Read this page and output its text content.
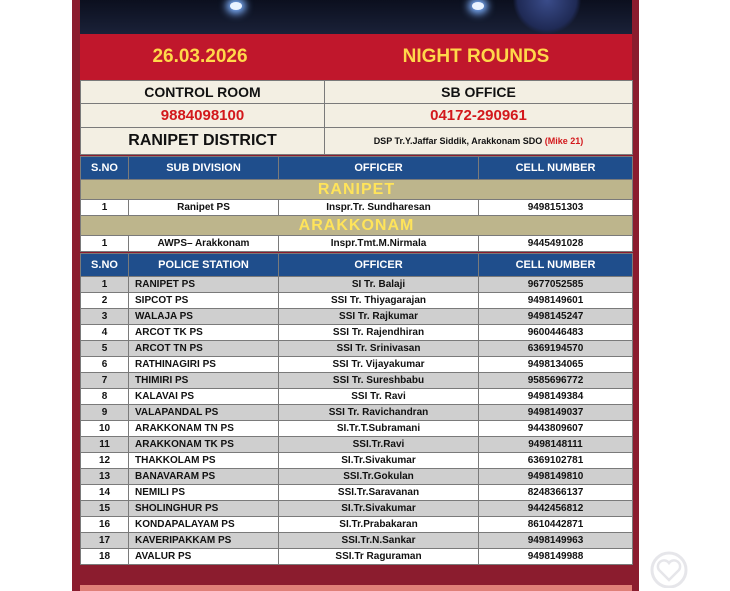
26.03.2026	NIGHT ROUNDS
CONTROL ROOM	SB OFFICE
9884098100	04172-290961
RANIPET DISTRICT	DSP Tr.Y.Jaffar Siddik, Arakkonam SDO (Mike 21)
S.NO	SUB DIVISION	OFFICER	CELL NUMBER
RANIPET			
1	Ranipet PS	Inspr.Tr. Sundharesan	9498151303
ARAKKONAM			
1	AWPS– Arakkonam	Inspr.Tmt.M.Nirmala	9445491028
S.NO	POLICE STATION	OFFICER	CELL NUMBER
1	RANIPET PS	SI Tr. Balaji	9677052585
2	SIPCOT PS	SSI Tr. Thiyagarajan	9498149601
3	WALAJA PS	SSI Tr. Rajkumar	9498145247
4	ARCOT TK PS	SSI Tr. Rajendhiran	9600446483
5	ARCOT TN PS	SSI Tr. Srinivasan	6369194570
6	RATHINAGIRI PS	SSI Tr. Vijayakumar	9498134065
7	THIMIRI PS	SSI Tr. Sureshbabu	9585696772
8	KALAVAI PS	SSI Tr. Ravi	9498149384
9	VALAPANDAL PS	SSI Tr. Ravichandran	9498149037
10	ARAKKONAM TN PS	SI.Tr.T.Subramani	9443809607
11	ARAKKONAM TK PS	SSI.Tr.Ravi	9498148111
12	THAKKOLAM PS	SI.Tr.Sivakumar	6369102781
13	BANAVARAM PS	SSI.Tr.Gokulan	9498149810
14	NEMILI PS	SSI.Tr.Saravanan	8248366137
15	SHOLINGHUR PS	SI.Tr.Sivakumar	9442456812
16	KONDAPALAYAM PS	SI.Tr.Prabakaran	8610442871
17	KAVERIPAKKAM PS	SSI.Tr.N.Sankar	9498149963
18	AVALUR PS	SSI.Tr Raguraman	9498149988
